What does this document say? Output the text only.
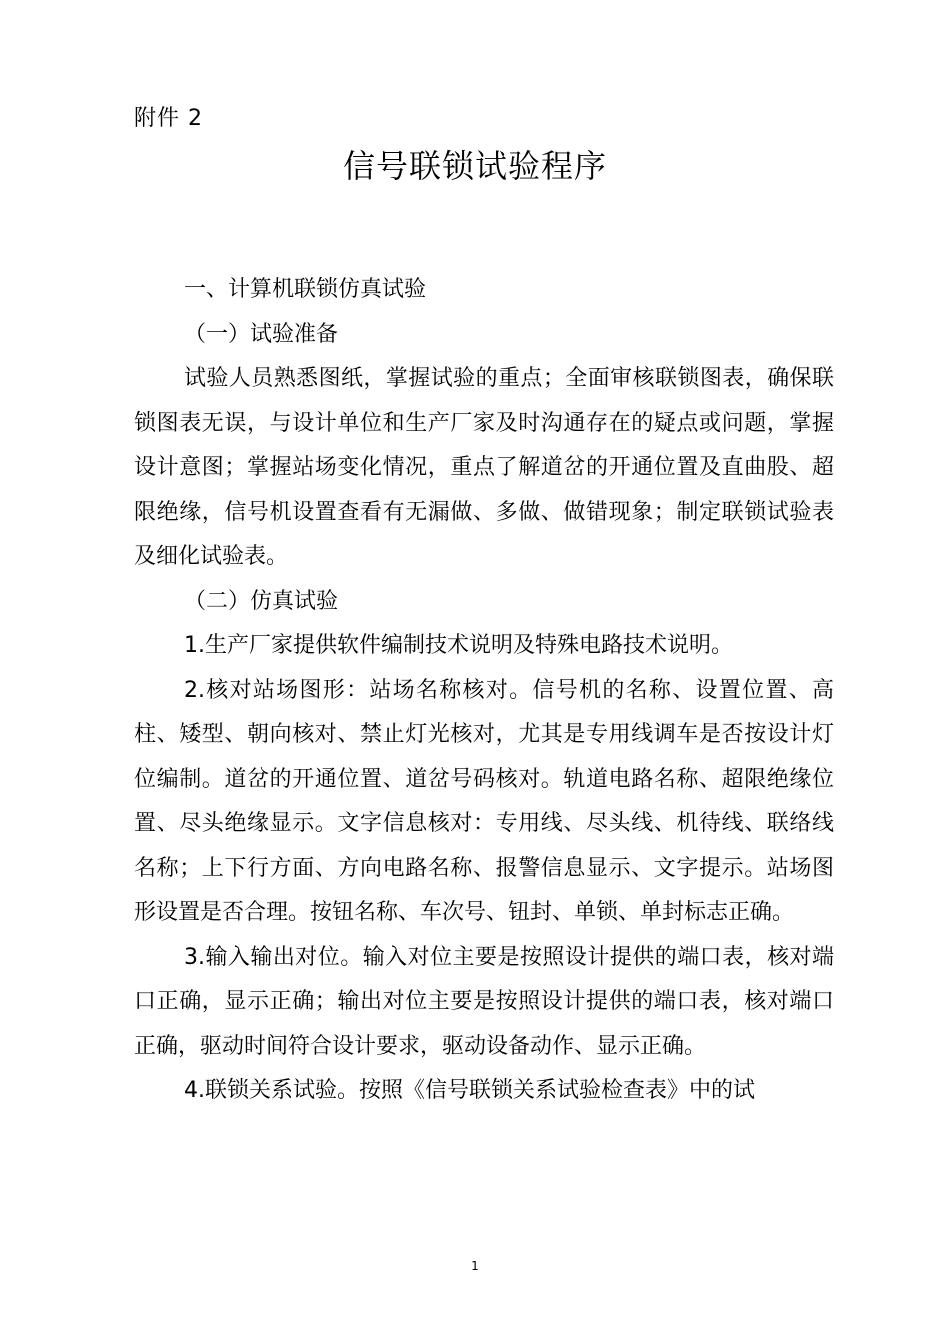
附件 2
信号联锁试验程序

一、计算机联锁仿真试验

（一）试验准备

试验人员熟悉图纸，掌握试验的重点；全面审核联锁图表，确保联锁图表无误，与设计单位和生产厂家及时沟通存在的疑点或问题，掌握设计意图；掌握站场变化情况，重点了解道岔的开通位置及直曲股、超限绝缘，信号机设置查看有无漏做、多做、做错现象；制定联锁试验表及细化试验表。

（二）仿真试验

1.生产厂家提供软件编制技术说明及特殊电路技术说明。

2.核对站场图形：站场名称核对。信号机的名称、设置位置、高柱、矮型、朝向核对、禁止灯光核对，尤其是专用线调车是否按设计灯位编制。道岔的开通位置、道岔号码核对。轨道电路名称、超限绝缘位置、尽头绝缘显示。文字信息核对：专用线、尽头线、机待线、联络线名称；上下行方面、方向电路名称、报警信息显示、文字提示。站场图形设置是否合理。按钮名称、车次号、钮封、单锁、单封标志正确。

3.输入输出对位。输入对位主要是按照设计提供的端口表，核对端口正确，显示正确；输出对位主要是按照设计提供的端口表，核对端口正确，驱动时间符合设计要求，驱动设备动作、显示正确。

4.联锁关系试验。按照《信号联锁关系试验检查表》中的试

1
